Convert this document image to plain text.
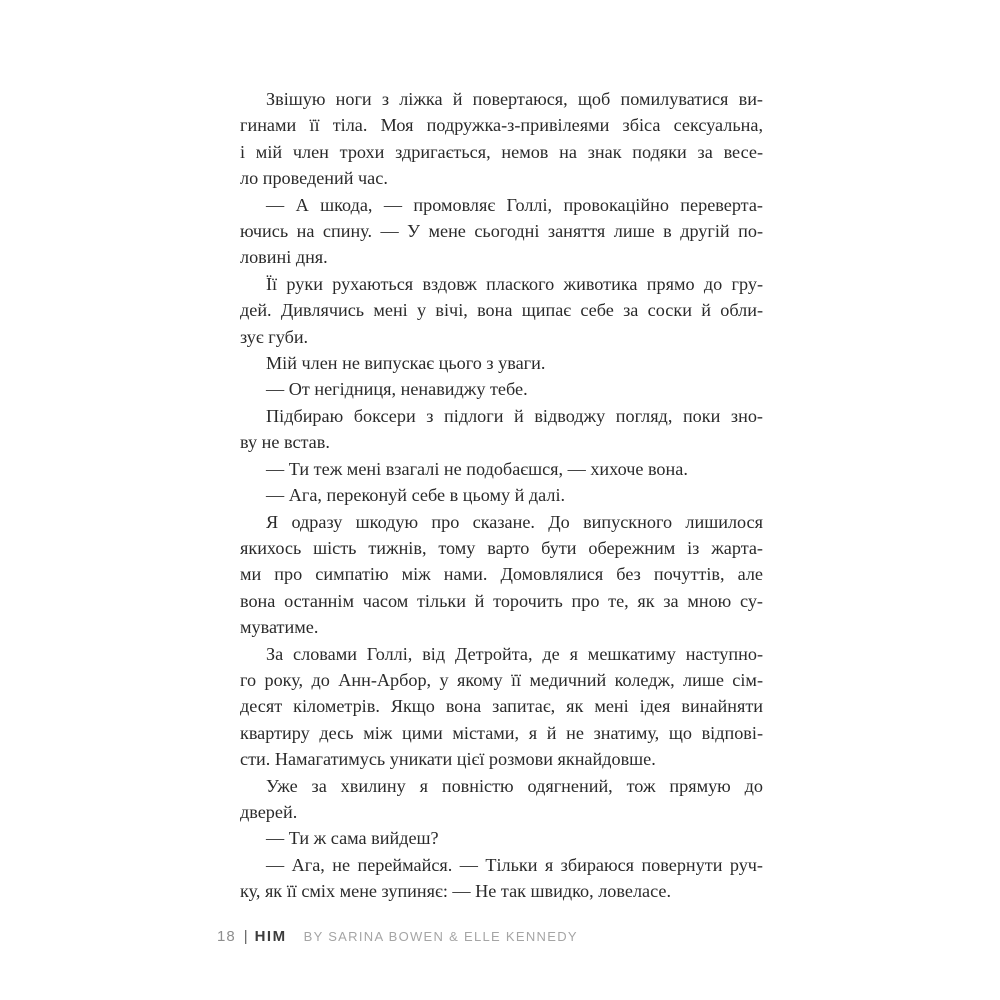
Звішую ноги з ліжка й повертаюся, щоб помилуватися ви-
гинами її тіла. Моя подружка-з-привілеями збіса сексуальна,
і мій член трохи здригається, немов на знак подяки за весе-
ло проведений час.
— А шкода, — промовляє Голлі, провокаційно переверта-
ючись на спину. — У мене сьогодні заняття лише в другій по-
ловині дня.
Її руки рухаються вздовж плаского животика прямо до гру-
дей. Дивлячись мені у вічі, вона щипає себе за соски й обли-
зує губи.
Мій член не випускає цього з уваги.
— От негідниця, ненавиджу тебе.
Підбираю боксери з підлоги й відводжу погляд, поки зно-
ву не встав.
— Ти теж мені взагалі не подобаєшся, — хихоче вона.
— Ага, переконуй себе в цьому й далі.
Я одразу шкодую про сказане. До випускного лишилося
якихось шість тижнів, тому варто бути обережним із жарта-
ми про симпатію між нами. Домовлялися без почуттів, але
вона останнім часом тільки й торочить про те, як за мною су-
муватиме.
За словами Голлі, від Детройта, де я мешкатиму наступно-
го року, до Анн-Арбор, у якому її медичний коледж, лише сім-
десят кілометрів. Якщо вона запитає, як мені ідея винайняти
квартиру десь між цими містами, я й не знатиму, що відпові-
сти. Намагатимусь уникати цієї розмови якнайдовше.
Уже за хвилину я повністю одягнений, тож прямую до
дверей.
— Ти ж сама вийдеш?
— Ага, не переймайся. — Тільки я збираюся повернути руч-
ку, як її сміх мене зупиняє: — Не так швидко, ловеласе.
18 | HIM BY SARINA BOWEN & ELLE KENNEDY
